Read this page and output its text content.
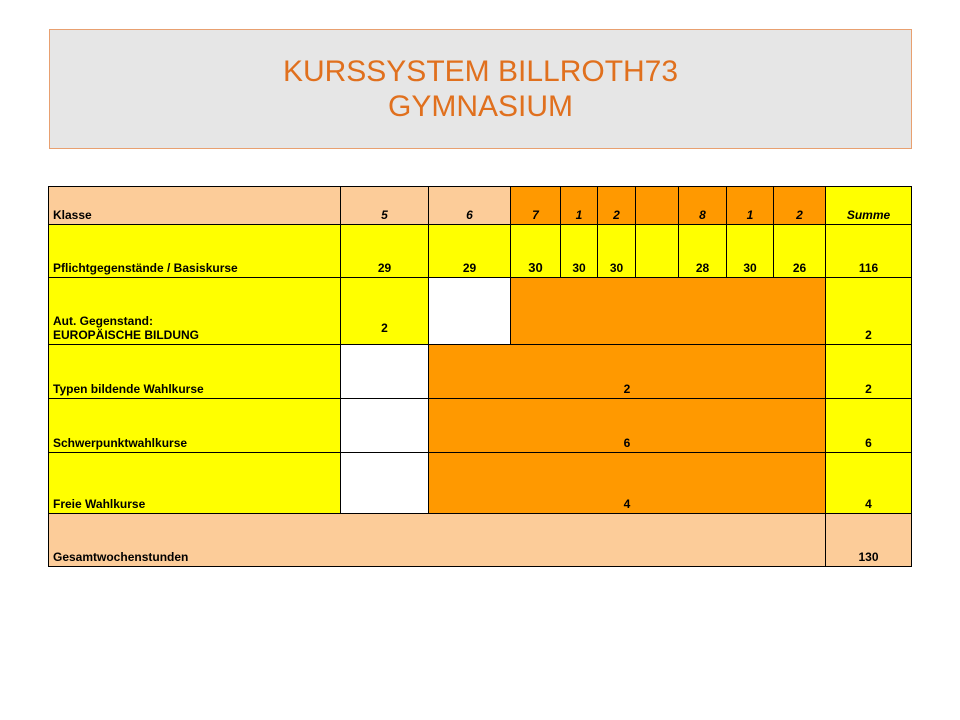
KURSSYSTEM BILLROTH73
GYMNASIUM
Klasse	5	6	7	1	2		8	1	2	Summe
Pflichtgegenstände / Basiskurse	29	29	30	30	30		28	30	26	116

Aut. Gegenstand:
EUROPÄISCHE BILDUNG	2									2
Typen bildende Wahlkurse		2								2
Schwerpunktwahlkurse		6								6
Freie Wahlkurse		4								4
Gesamtwochenstunden										130
